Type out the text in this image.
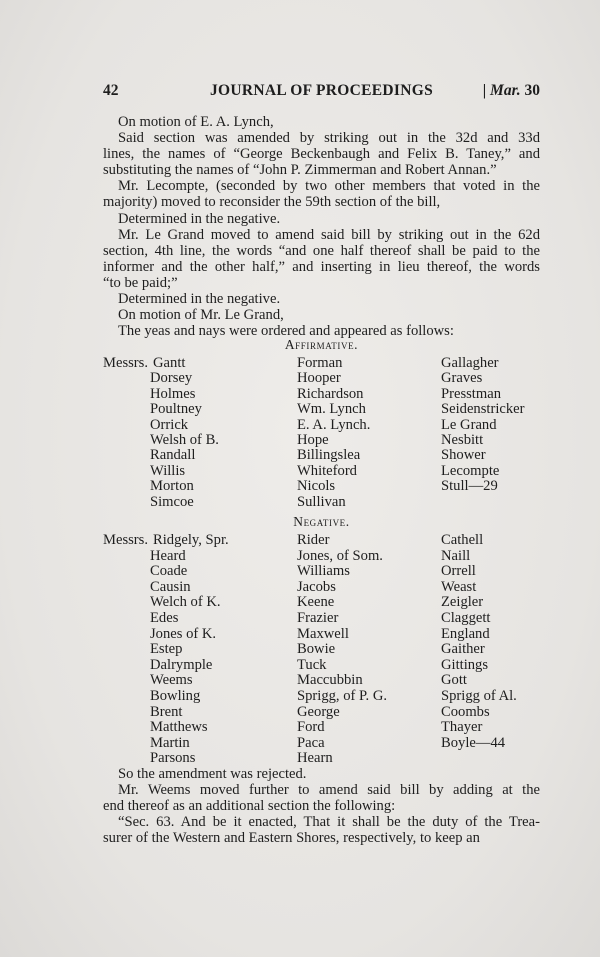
42	JOURNAL OF PROCEEDINGS	| Mar. 30
On motion of E. A. Lynch,
Said section was amended by striking out in the 32d and 33d
lines, the names of “George Beckenbaugh and Felix B. Taney,” and
substituting the names of “John P. Zimmerman and Robert Annan.”
Mr. Lecompte, (seconded by two other members that voted in the
majority) moved to reconsider the 59th section of the bill,
Determined in the negative.
Mr. Le Grand moved to amend said bill by striking out in the 62d
section, 4th line, the words “and one half thereof shall be paid to the
informer and the other half,” and inserting in lieu thereof, the words
“to be paid;”
Determined in the negative.
On motion of Mr. Le Grand,
The yeas and nays were ordered and appeared as follows:
Affirmative.
Messrs. Gantt	Forman	Gallagher
Dorsey	Hooper	Graves
Holmes	Richardson	Presstman
Poultney	Wm. Lynch	Seidenstricker
Orrick	E. A. Lynch.	Le Grand
Welsh of B.	Hope	Nesbitt
Randall	Billingslea	Shower
Willis	Whiteford	Lecompte
Morton	Nicols	Stull—29
Simcoe	Sullivan
Negative.
Messrs. Ridgely, Spr.	Rider	Cathell
Heard	Jones, of Som.	Naill
Coade	Williams	Orrell
Causin	Jacobs	Weast
Welch of K.	Keene	Zeigler
Edes	Frazier	Claggett
Jones of K.	Maxwell	England
Estep	Bowie	Gaither
Dalrymple	Tuck	Gittings
Weems	Maccubbin	Gott
Bowling	Sprigg, of P. G.	Sprigg of Al.
Brent	George	Coombs
Matthews	Ford	Thayer
Martin	Paca	Boyle—44
Parsons	Hearn
So the amendment was rejected.
Mr. Weems moved further to amend said bill by adding at the
end thereof as an additional section the following:
“Sec. 63. And be it enacted, That it shall be the duty of the Trea-
surer of the Western and Eastern Shores, respectively, to keep an
